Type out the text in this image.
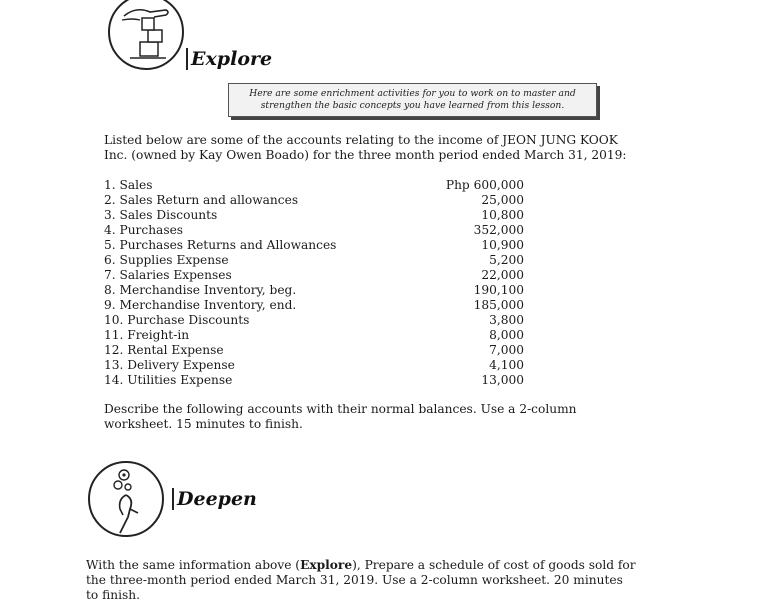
Explore
Here are some enrichment activities for you to work on to master and strengthen the basic concepts you have learned from this lesson.
Listed below are some of the accounts relating to the income of JEON JUNG KOOK Inc. (owned by Kay Owen Boado) for the three month period ended March 31, 2019:
1. Sales	Php 600,000
2. Sales Return and allowances	25,000
3. Sales Discounts	10,800
4. Purchases	352,000
5. Purchases Returns and Allowances	10,900
6. Supplies Expense	5,200
7. Salaries Expenses	22,000
8. Merchandise Inventory, beg.	190,100
9. Merchandise Inventory, end.	185,000
10. Purchase Discounts	3,800
11. Freight-in	8,000
12. Rental Expense	7,000
13. Delivery Expense	4,100
14. Utilities Expense	13,000
Describe the following accounts with their normal balances. Use a 2-column worksheet. 15 minutes to finish.
Deepen
With the same information above (Explore), Prepare a schedule of cost of goods sold for the three-month period ended March 31, 2019. Use a 2-column worksheet. 20 minutes to finish.
